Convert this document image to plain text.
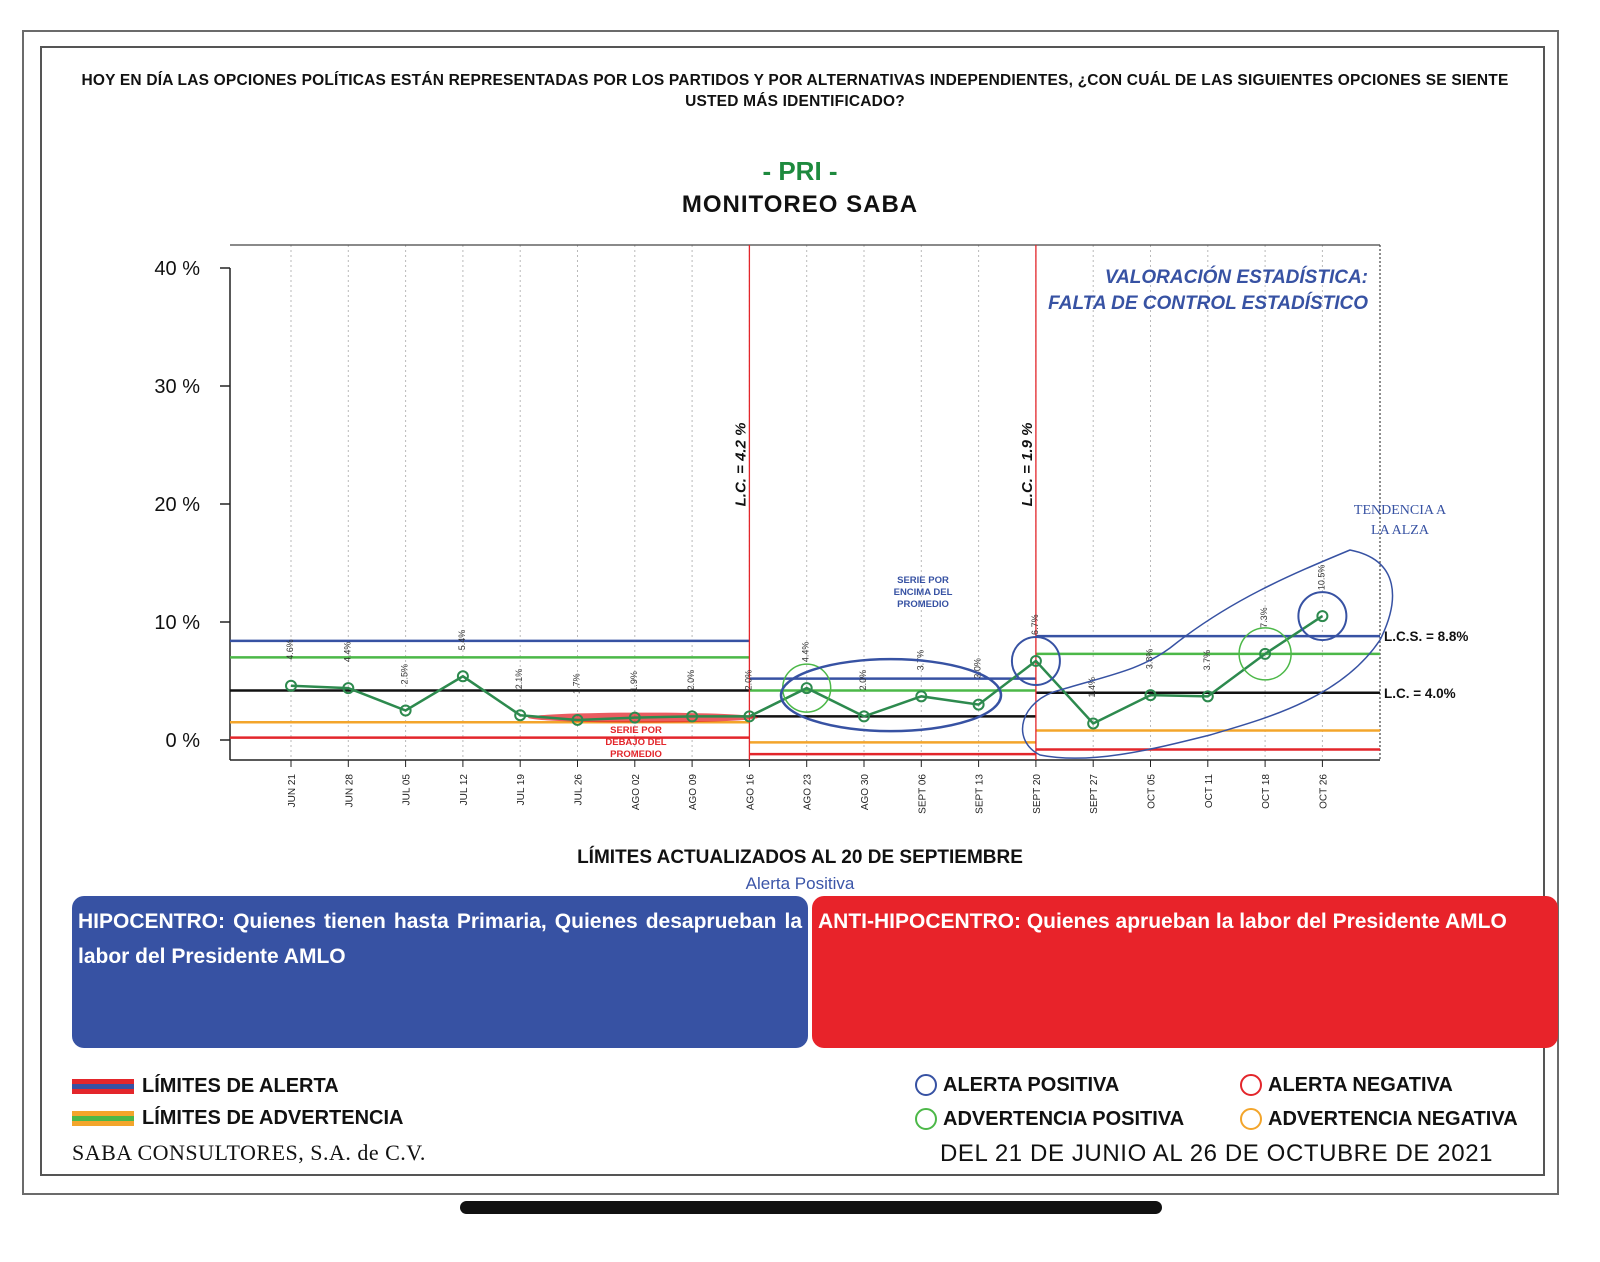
HOY EN DÍA LAS OPCIONES POLÍTICAS ESTÁN REPRESENTADAS POR LOS PARTIDOS Y POR ALTERNATIVAS INDEPENDIENTES, ¿CON CUÁL DE LAS SIGUIENTES OPCIONES SE SIENTE USTED MÁS IDENTIFICADO?
- PRI -
MONITOREO SABA
0 %
10 %
20 %
30 %
40 %
JUN 21	JUN 28	JUL 05	JUL 12	JUL 19	JUL 26	AGO 02	AGO 09	AGO 16	AGO 23	AGO 30	SEPT 06	SEPT 13	SEPT 20	SEPT 27	OCT 05	OCT 11	OCT 18	OCT 26
L.C. = 4.2 %	L.C. = 1.9 %
4.6%	4.4%
2.5%
5.4%
2.1%	1.7%	1.9%	2.0%	2.0%
4.4%
2.0%
3.7%	3.0%
6.7%
1.4%
3.8%	3.7%
7.3%
10.5%
VALORACIÓN ESTADÍSTICA:
FALTA DE CONTROL ESTADÍSTICO
TENDENCIA A
LA ALZA
SERIE POR
ENCIMA DEL
PROMEDIO
SERIE POR
DEBAJO DEL
PROMEDIO
L.C.S. = 8.8%
L.C. = 4.0%
LÍMITES ACTUALIZADOS AL 20 DE SEPTIEMBRE
Alerta Positiva
HIPOCENTRO: Quienes tienen hasta Primaria, Quienes desaprueban la labor del Presidente AMLO
ANTI-HIPOCENTRO: Quienes aprueban la labor del Presidente AMLO
LÍMITES DE ALERTA
LÍMITES DE ADVERTENCIA
ALERTA POSITIVA	ALERTA NEGATIVA
ADVERTENCIA POSITIVA	ADVERTENCIA NEGATIVA
SABA CONSULTORES, S.A. de C.V.	DEL 21 DE JUNIO AL 26 DE OCTUBRE DE 2021
